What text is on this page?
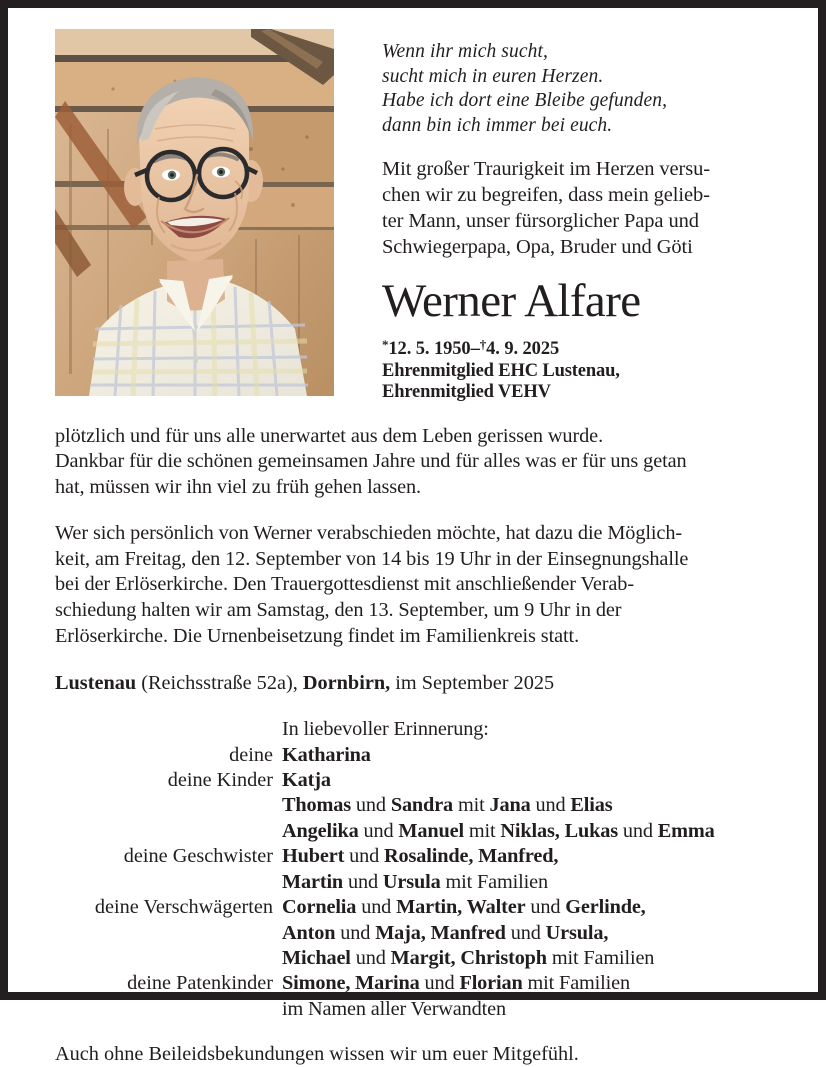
Wenn ihr mich sucht,
sucht mich in euren Herzen.
Habe ich dort eine Bleibe gefunden,
dann bin ich immer bei euch.
Mit großer Traurigkeit im Herzen versu-
chen wir zu begreifen, dass mein gelieb-
ter Mann, unser fürsorglicher Papa und
Schwiegerpapa, Opa, Bruder und Göti
Werner Alfare
*12. 5. 1950–†4. 9. 2025
Ehrenmitglied EHC Lustenau,
Ehrenmitglied VEHV
plötzlich und für uns alle unerwartet aus dem Leben gerissen wurde.
Dankbar für die schönen gemeinsamen Jahre und für alles was er für uns getan
hat, müssen wir ihn viel zu früh gehen lassen.
Wer sich persönlich von Werner verabschieden möchte, hat dazu die Möglich-
keit, am Freitag, den 12. September von 14 bis 19 Uhr in der Einsegnungshalle
bei der Erlöserkirche. Den Trauergottesdienst mit anschließender Verab-
schiedung halten wir am Samstag, den 13. September, um 9 Uhr in der
Erlöserkirche. Die Urnenbeisetzung findet im Familienkreis statt.
Lustenau (Reichsstraße 52a), Dornbirn, im September 2025
In liebevoller Erinnerung:
deine Katharina
deine Kinder Katja
Thomas und Sandra mit Jana und Elias
Angelika und Manuel mit Niklas, Lukas und Emma
deine Geschwister Hubert und Rosalinde, Manfred,
Martin und Ursula mit Familien
deine Verschwägerten Cornelia und Martin, Walter und Gerlinde,
Anton und Maja, Manfred und Ursula,
Michael und Margit, Christoph mit Familien
deine Patenkinder Simone, Marina und Florian mit Familien
im Namen aller Verwandten
Auch ohne Beileidsbekundungen wissen wir um euer Mitgefühl.
